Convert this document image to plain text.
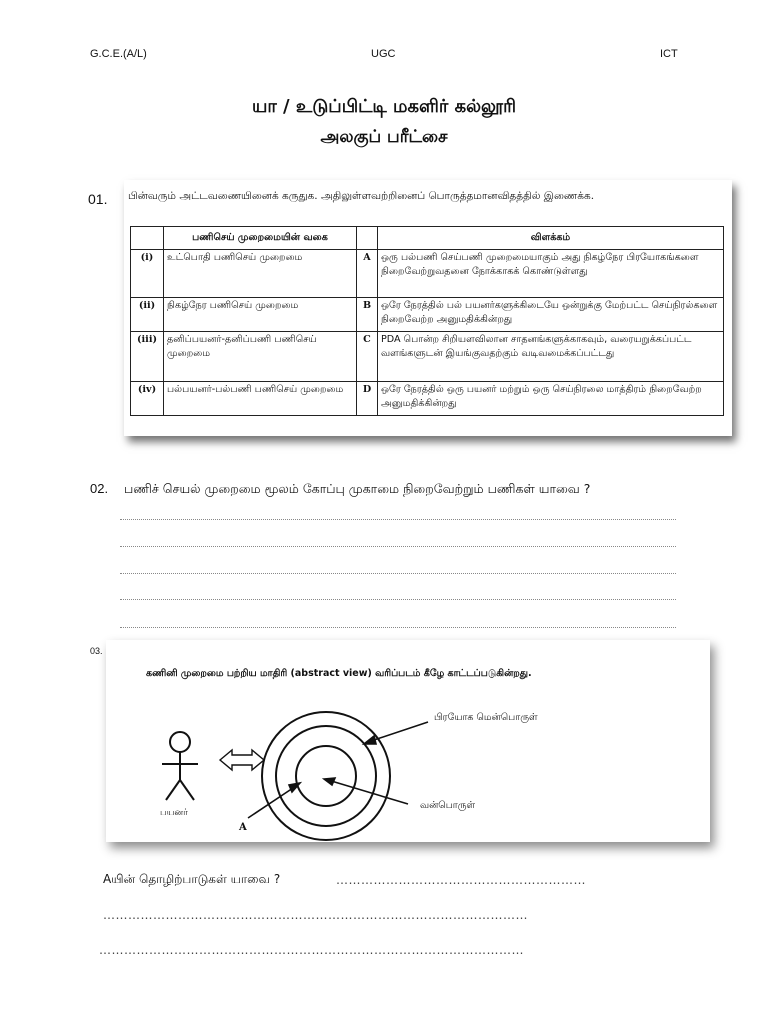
G.C.E.(A/L)	UGC	ICT
யா / உடுப்பிட்டி மகளிர் கல்லூரி
அலகுப் பரீட்சை
01. பின்வரும் அட்டவணையினைக் கருதுக. அதிலுள்ளவற்றினைப் பொருத்தமானவிதத்தில் இணைக்க.
	பணிசெய் முறைமையின் வகை		விளக்கம்
(i)	உட்பொதி பணிசெய் முறைமை	A	ஒரு பல்பணி செய்பணி முறைமையாகும் அது நிகழ்நேர பிரயோகங்களை நிறைவேற்றுவதனை நோக்காகக் கொண்டுள்ளது
(ii)	நிகழ்நேர பணிசெய் முறைமை	B	ஒரே நேரத்தில் பல் பயனர்களுக்கிடையே ஒன்றுக்கு மேற்பட்ட செய்நிரல்களை நிறைவேற்ற அனுமதிக்கின்றது
(iii)	தனிப்பயனர்-தனிப்பணி பணிசெய் முறைமை	C	PDA பொன்ற சிறியளவிலான சாதனங்களுக்காகவும், வரையறுக்கப்பட்ட வளங்களுடன் இயங்குவதற்கும் வடிவமைக்கப்பட்டது
(iv)	பல்பயனர்-பல்பணி பணிசெய் முறைமை	D	ஒரே நேரத்தில் ஒரு பயனர் மற்றும் ஒரு செய்நிரலை மாத்திரம் நிறைவேற்ற அனுமதிக்கின்றது
02. பணிச் செயல் முறைமை மூலம் கோப்பு முகாமை நிறைவேற்றும் பணிகள் யாவை ?
03.
கணினி முறைமை பற்றிய மாதிரி (abstract view) வரிப்படம் கீழே காட்டப்படுகின்றது.
பிரயோக மென்பொருள்
வன்பொருள்
பயனர்
A
Aயின் தொழிற்பாடுகள் யாவை ?	……………………………………………………
…………………………………………………………………………………………
…………………………………………………………………………………………
